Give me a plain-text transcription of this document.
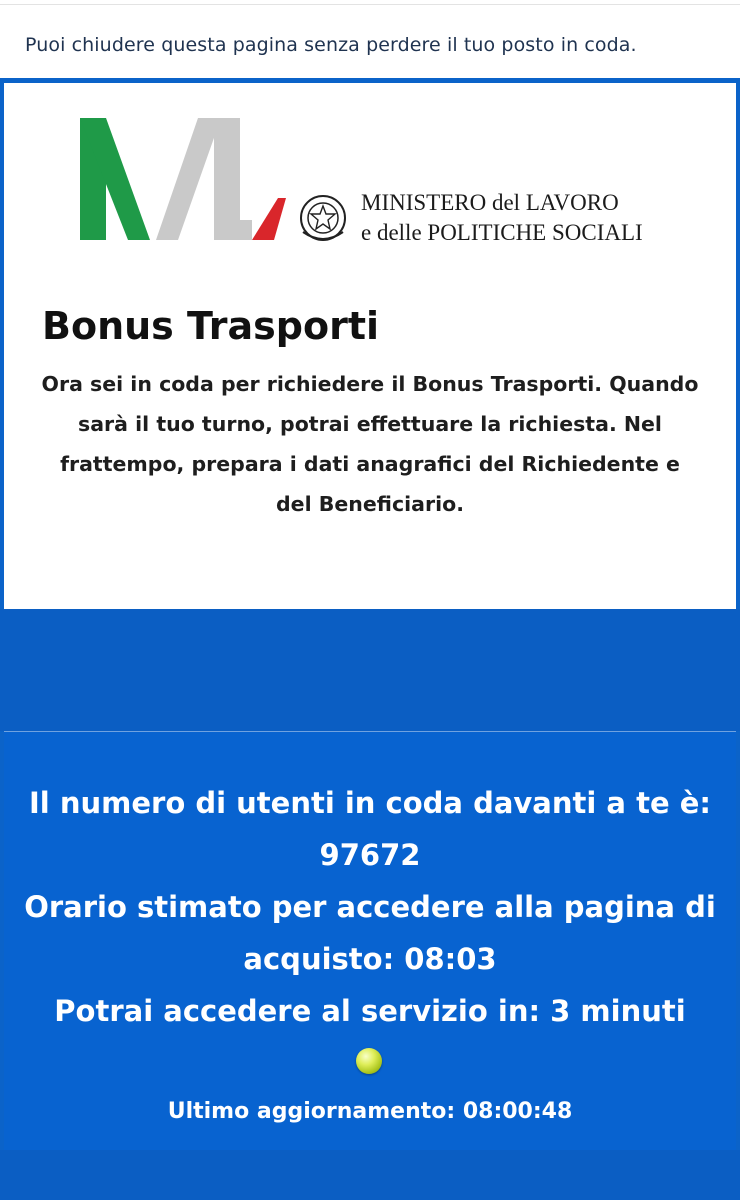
Puoi chiudere questa pagina senza perdere il tuo posto in coda.
MINISTERO del LAVORO
e delle POLITICHE SOCIALI
Bonus Trasporti

Ora sei in coda per richiedere il Bonus Trasporti. Quando sarà il tuo turno, potrai effettuare la richiesta. Nel frattempo, prepara i dati anagrafici del Richiedente e del Beneficiario.

Il numero di utenti in coda davanti a te è:
97672
Orario stimato per accedere alla pagina di
acquisto: 08:03
Potrai accedere al servizio in: 3 minuti
Ultimo aggiornamento: 08:00:48
